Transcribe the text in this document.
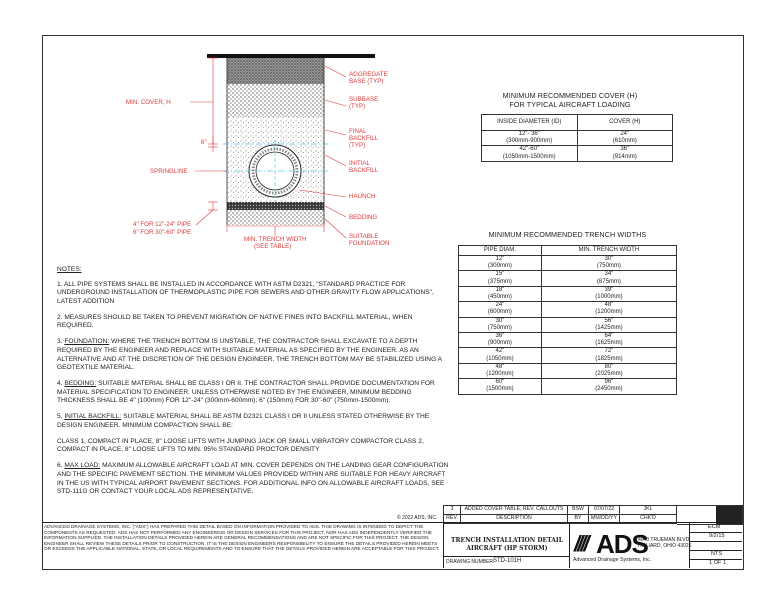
AGGREGATE BASE (TYP)
SUBBASE (TYP)
FINAL BACKFILL (TYP)
INITIAL BACKFILL
HAUNCH
BEDDING
SUITABLE FOUNDATION
MIN. COVER, H
6"
SPRINGLINE
4" FOR 12"-24" PIPE
6" FOR 30"-60" PIPE
MIN. TRENCH WIDTH
(SEE TABLE)

NOTES:

1. ALL PIPE SYSTEMS SHALL BE INSTALLED IN ACCORDANCE WITH ASTM D2321, "STANDARD PRACTICE FOR UNDERGROUND INSTALLATION OF THERMOPLASTIC PIPE FOR SEWERS AND OTHER GRAVITY FLOW APPLICATIONS", LATEST ADDITION

2. MEASURES SHOULD BE TAKEN TO PREVENT MIGRATION OF NATIVE FINES INTO BACKFILL MATERIAL, WHEN REQUIRED.

3. FOUNDATION: WHERE THE TRENCH BOTTOM IS UNSTABLE, THE CONTRACTOR SHALL EXCAVATE TO A DEPTH REQUIRED BY THE ENGINEER AND REPLACE WITH SUITABLE MATERIAL AS SPECIFIED BY THE ENGINEER. AS AN ALTERNATIVE AND AT THE DISCRETION OF THE DESIGN ENGINEER, THE TRENCH BOTTOM MAY BE STABILIZED USING A GEOTEXTILE MATERIAL.

4. BEDDING: SUITABLE MATERIAL SHALL BE CLASS I OR II. THE CONTRACTOR SHALL PROVIDE DOCUMENTATION FOR MATERIAL SPECIFICATION TO ENGINEER. UNLESS OTHERWISE NOTED BY THE ENGINEER, MINIMUM BEDDING THICKNESS SHALL BE 4" (100mm) FOR 12"-24" (300mm-600mm); 6" (150mm) FOR 30"-60" (750mm-1500mm).

5. INITIAL BACKFILL: SUITABLE MATERIAL SHALL BE ASTM D2321 CLASS I OR II UNLESS STATED OTHERWISE BY THE DESIGN ENGINEER. MINIMUM COMPACTION SHALL BE:

CLASS 1, COMPACT IN PLACE, 8" LOOSE LIFTS WITH JUMPING JACK OR SMALL VIBRATORY COMPACTOR CLASS 2, COMPACT IN PLACE, 8" LOOSE LIFTS TO MIN. 95% STANDARD PROCTOR DENSITY

6. MAX LOAD: MAXIMUM ALLOWABLE AIRCRAFT LOAD AT MIN. COVER DEPENDS ON THE LANDING GEAR CONFIGURATION AND THE SPECIFIC PAVEMENT SECTION. THE MINIMUM VALUES PROVIDED WITHIN ARE SUITABLE FOR HEAVY AIRCRAFT IN THE US WITH TYPICAL AIRPORT PAVEMENT SECTIONS. FOR ADDITIONAL INFO ON ALLOWABLE AIRCRAFT LOADS, SEE STD-111G OR CONTACT YOUR LOCAL ADS REPRESENTATIVE.

MINIMUM RECOMMENDED COVER (H)
FOR TYPICAL AIRCRAFT LOADING
INSIDE DIAMETER (ID)	COVER (H)
12"- 36"
(300mm-900mm)	24"
(610mm)
42"-60"
(1050mm-1500mm)	36"
(914mm)
MINIMUM RECOMMENDED TRENCH WIDTHS
PIPE DIAM.	MIN. TRENCH WIDTH
12"
(300mm)	30"
(750mm)
15"
(375mm)	34"
(875mm)
18"
(450mm)	39"
(1000mm)
24"
(600mm)	48"
(1200mm)
30"
(750mm)	56"
(1425mm)
36"
(900mm)	64"
(1625mm)
42"
(1050mm)	72"
(1825mm)
48"
(1200mm)	80"
(2025mm)
60"
(1500mm)	96"
(2450mm)
3	ADDED COVER TABLE, REV. CALLOUTS	BSW	07/07/22	JKL
REV.	DESCRIPTION	BY	MM/DD/YY	CHK'D
© 2022 ADS, INC.
ADVANCED DRAINAGE SYSTEMS, INC. ("ADS") HAS PREPARED THIS DETAIL BASED ON INFORMATION PROVIDED TO ADS. THIS DRAWING IS INTENDED TO DEPICT THE COMPONENTS AS REQUESTED. ADS HAS NOT PERFORMED ANY ENGINEERING OR DESIGN SERVICES FOR THIS PROJECT, NOR HAS ADS INDEPENDENTLY VERIFIED THE INFORMATION SUPPLIED. THE INSTALLATION DETAILS PROVIDED HEREIN ARE GENERAL RECOMMENDATIONS AND ARE NOT SPECIFIC FOR THIS PROJECT. THE DESIGN ENGINEER SHALL REVIEW THESE DETAILS PRIOR TO CONSTRUCTION. IT IS THE DESIGN ENGINEERS RESPONSIBILITY TO ENSURE THE DETAILS PROVIDED HEREIN MEETS OR EXCEEDS THE APPLICABLE NATIONAL, STATE, OR LOCAL REQUIREMENTS AND TO ENSURE THAT THE DETAILS PROVIDED HEREIN ARE ACCEPTABLE FOR THIS PROJECT.
TRENCH INSTALLATION DETAIL
AIRCRAFT (HP STORM)
DRAWING NUMBER:
STD-101H
//// ADS
Advanced Drainage Systems, Inc.
4640 TRUEMAN BLVD
HILLIARD, OHIO 43026
ECM
9/2/15
NTS
1 OF 1
